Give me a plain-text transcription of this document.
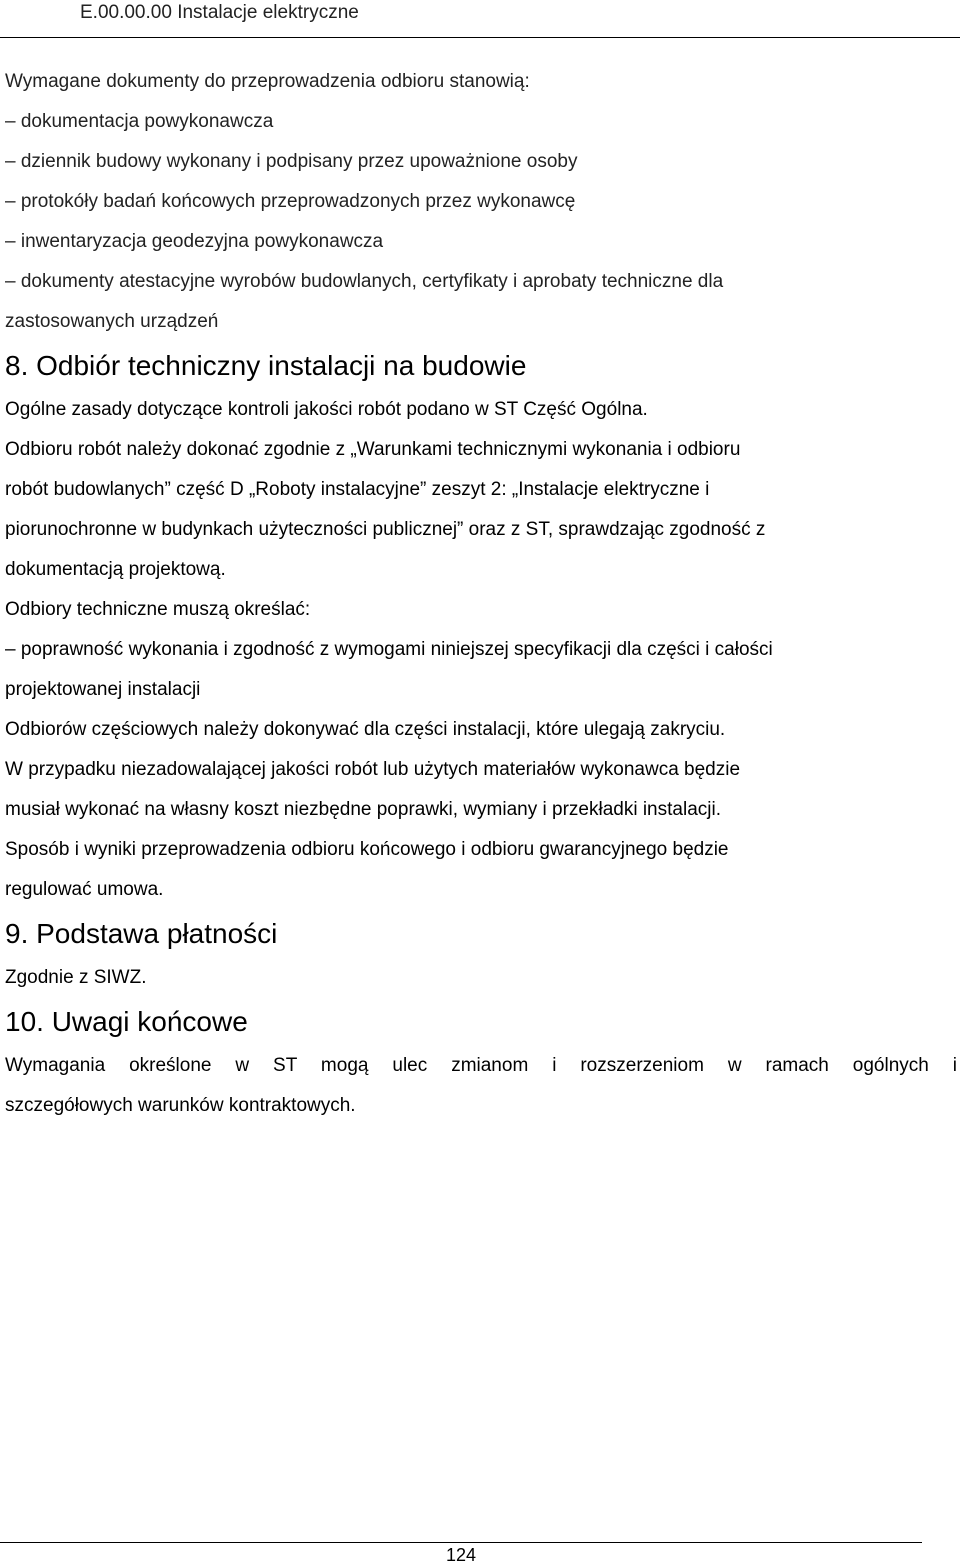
E.00.00.00 Instalacje elektryczne
Wymagane dokumenty do przeprowadzenia odbioru stanowią:
– dokumentacja powykonawcza
– dziennik budowy wykonany i podpisany przez upoważnione osoby
– protokóły badań końcowych przeprowadzonych przez wykonawcę
– inwentaryzacja geodezyjna powykonawcza
– dokumenty atestacyjne wyrobów budowlanych, certyfikaty i aprobaty techniczne dla
zastosowanych urządzeń
8. Odbiór techniczny instalacji na budowie
Ogólne zasady dotyczące kontroli jakości robót podano w ST Część Ogólna.
Odbioru robót należy dokonać zgodnie z „Warunkami technicznymi wykonania i odbioru
robót budowlanych” część D „Roboty instalacyjne” zeszyt 2: „Instalacje elektryczne i
piorunochronne w budynkach użyteczności publicznej” oraz z ST, sprawdzając zgodność z
dokumentacją projektową.
Odbiory techniczne muszą określać:
– poprawność wykonania i zgodność z wymogami niniejszej specyfikacji dla części i całości
projektowanej instalacji
Odbiorów częściowych należy dokonywać dla części instalacji, które ulegają zakryciu.
W przypadku niezadowalającej jakości robót lub użytych materiałów wykonawca będzie
musiał wykonać na własny koszt niezbędne poprawki, wymiany i przekładki instalacji.
Sposób i wyniki przeprowadzenia odbioru końcowego i odbioru gwarancyjnego będzie
regulować umowa.
9. Podstawa płatności
Zgodnie z SIWZ.
10. Uwagi końcowe
Wymagania określone w ST mogą ulec zmianom i rozszerzeniom w ramach ogólnych i
szczegółowych warunków kontraktowych.
124
